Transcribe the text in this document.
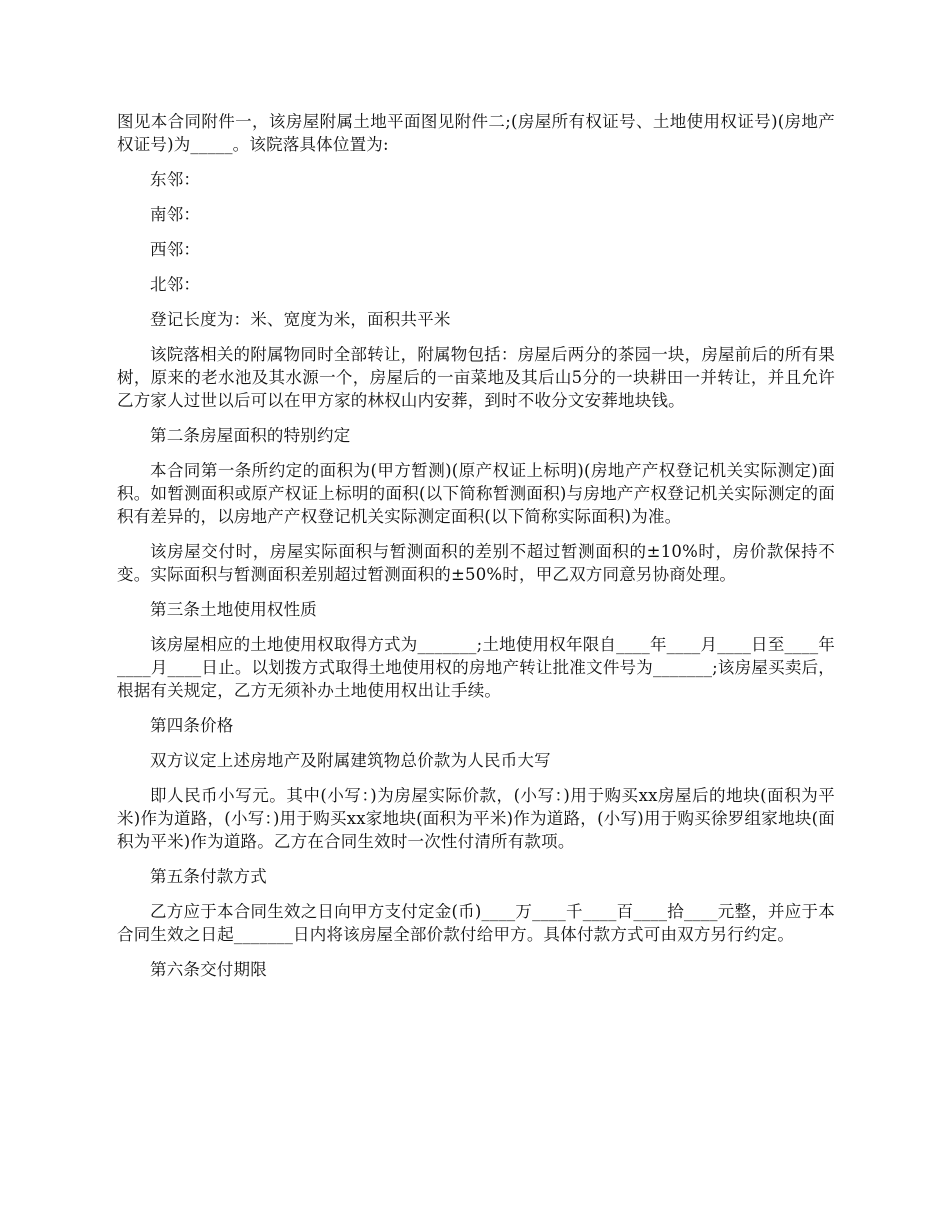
图见本合同附件一，该房屋附属土地平面图见附件二;(房屋所有权证号、土地使用权证号)(房地产权证号)为_____。该院落具体位置为:

东邻：

南邻：

西邻：

北邻：

登记长度为：米、宽度为米，面积共平米

该院落相关的附属物同时全部转让，附属物包括：房屋后两分的茶园一块，房屋前后的所有果树，原来的老水池及其水源一个，房屋后的一亩菜地及其后山5分的一块耕田一并转让，并且允许乙方家人过世以后可以在甲方家的林权山内安葬，到时不收分文安葬地块钱。

第二条房屋面积的特别约定

本合同第一条所约定的面积为(甲方暂测)(原产权证上标明)(房地产产权登记机关实际测定)面积。如暂测面积或原产权证上标明的面积(以下简称暂测面积)与房地产产权登记机关实际测定的面积有差异的，以房地产产权登记机关实际测定面积(以下简称实际面积)为准。

该房屋交付时，房屋实际面积与暂测面积的差别不超过暂测面积的±10%时，房价款保持不变。实际面积与暂测面积差别超过暂测面积的±50%时，甲乙双方同意另协商处理。

第三条土地使用权性质

该房屋相应的土地使用权取得方式为_______;土地使用权年限自____年____月____日至____年____月____日止。以划拨方式取得土地使用权的房地产转让批准文件号为_______;该房屋买卖后，根据有关规定，乙方无须补办土地使用权出让手续。

第四条价格

双方议定上述房地产及附属建筑物总价款为人民币大写

即人民币小写元。其中(小写：)为房屋实际价款，(小写：)用于购买xx房屋后的地块(面积为平米)作为道路，(小写：)用于购买xx家地块(面积为平米)作为道路，(小写)用于购买徐罗组家地块(面积为平米)作为道路。乙方在合同生效时一次性付清所有款项。

第五条付款方式

乙方应于本合同生效之日向甲方支付定金(币)____万____千____百____拾____元整，并应于本合同生效之日起_______日内将该房屋全部价款付给甲方。具体付款方式可由双方另行约定。

第六条交付期限
